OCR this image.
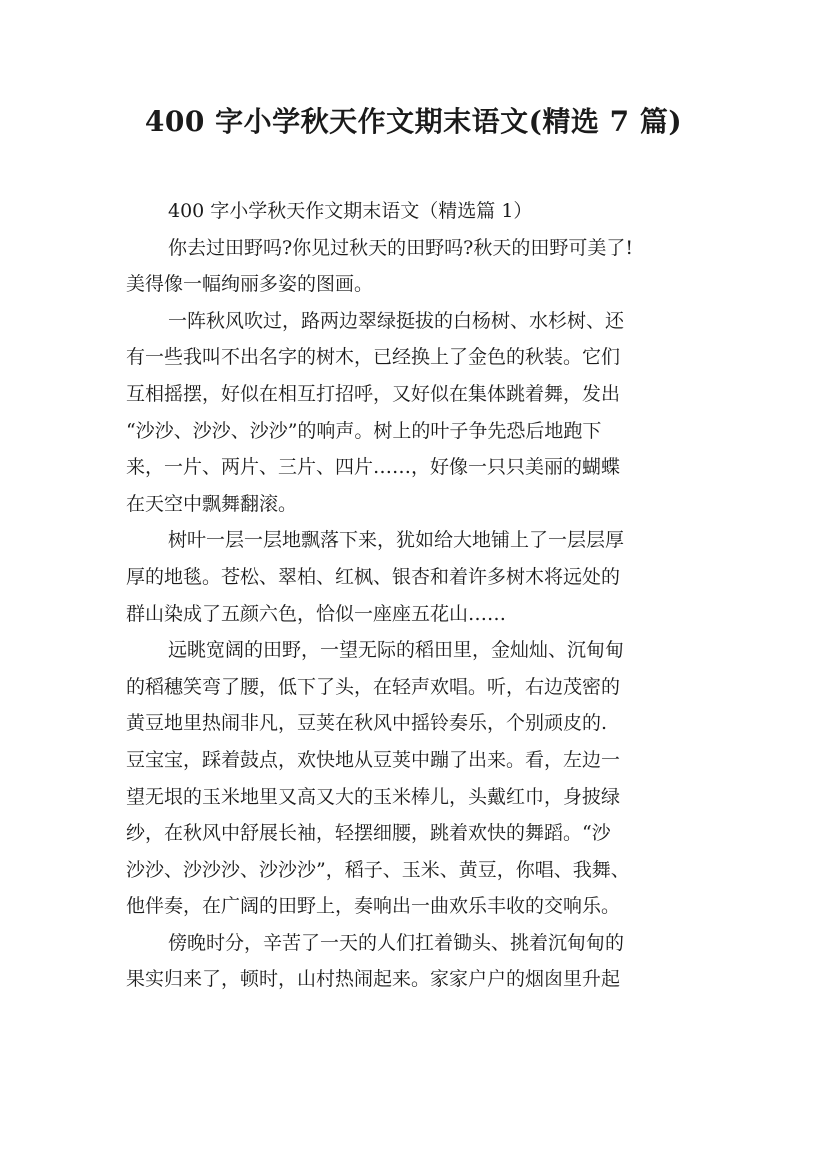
400 字小学秋天作文期末语文(精选 7 篇)
400 字小学秋天作文期末语文（精选篇 1）
你去过田野吗?你见过秋天的田野吗?秋天的田野可美了!
美得像一幅绚丽多姿的图画。
一阵秋风吹过，路两边翠绿挺拔的白杨树、水杉树、还
有一些我叫不出名字的树木，已经换上了金色的秋装。它们
互相摇摆，好似在相互打招呼，又好似在集体跳着舞，发出
“沙沙、沙沙、沙沙”的响声。树上的叶子争先恐后地跑下
来，一片、两片、三片、四片……，好像一只只美丽的蝴蝶
在天空中飘舞翻滚。
树叶一层一层地飘落下来，犹如给大地铺上了一层层厚
厚的地毯。苍松、翠柏、红枫、银杏和着许多树木将远处的
群山染成了五颜六色，恰似一座座五花山……
远眺宽阔的田野，一望无际的稻田里，金灿灿、沉甸甸
的稻穗笑弯了腰，低下了头，在轻声欢唱。听，右边茂密的
黄豆地里热闹非凡，豆荚在秋风中摇铃奏乐，个别顽皮的.
豆宝宝，踩着鼓点，欢快地从豆荚中蹦了出来。看，左边一
望无垠的玉米地里又高又大的玉米棒儿，头戴红巾，身披绿
纱，在秋风中舒展长袖，轻摆细腰，跳着欢快的舞蹈。“沙
沙沙、沙沙沙、沙沙沙”，稻子、玉米、黄豆，你唱、我舞、
他伴奏，在广阔的田野上，奏响出一曲欢乐丰收的交响乐。
傍晚时分，辛苦了一天的人们扛着锄头、挑着沉甸甸的
果实归来了，顿时，山村热闹起来。家家户户的烟囱里升起
